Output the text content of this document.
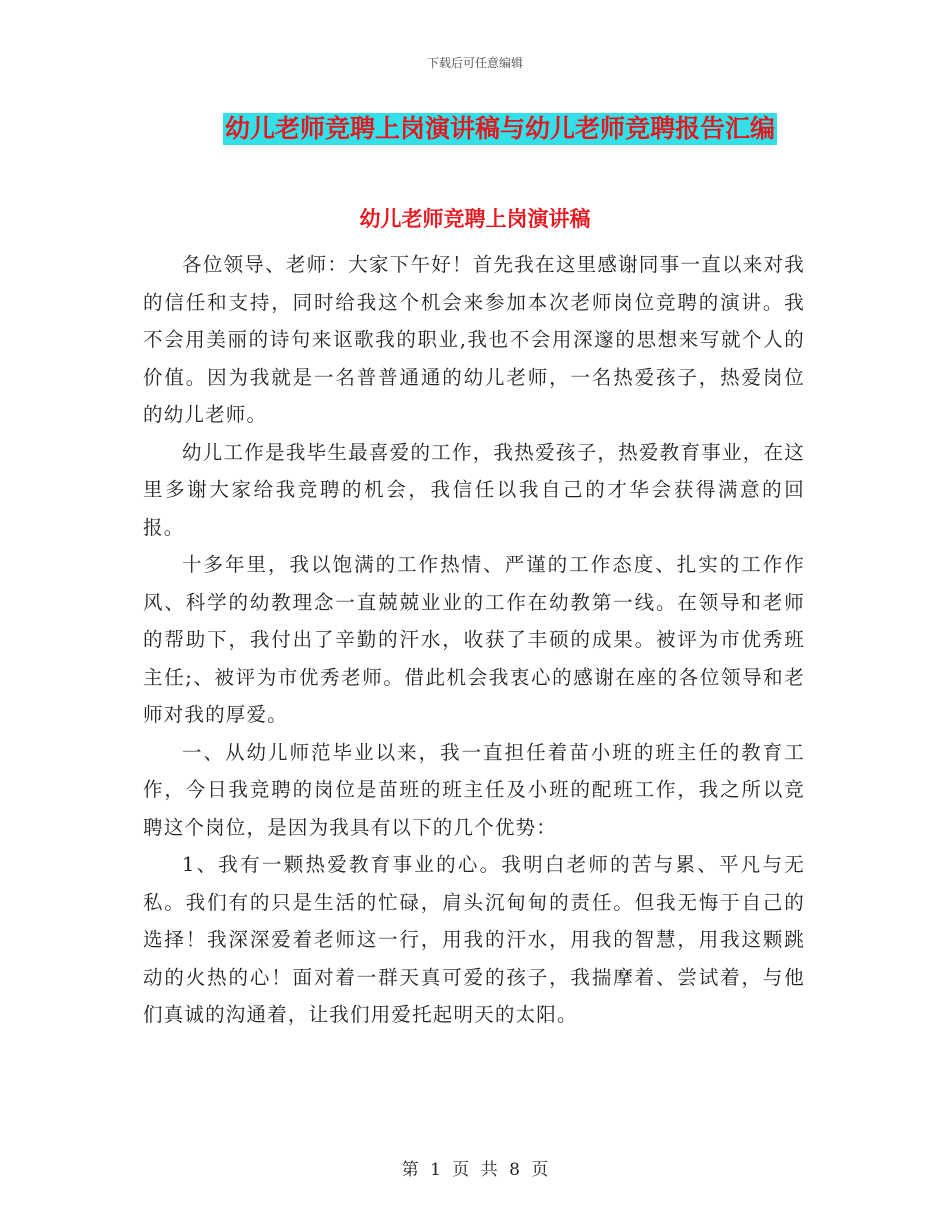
下载后可任意编辑
幼儿老师竞聘上岗演讲稿与幼儿老师竞聘报告汇编
幼儿老师竞聘上岗演讲稿

各位领导、老师：大家下午好！首先我在这里感谢同事一直以来对我的信任和支持，同时给我这个机会来参加本次老师岗位竞聘的演讲。我不会用美丽的诗句来讴歌我的职业,我也不会用深邃的思想来写就个人的价值。因为我就是一名普普通通的幼儿老师，一名热爱孩子，热爱岗位的幼儿老师。

幼儿工作是我毕生最喜爱的工作，我热爱孩子，热爱教育事业，在这里多谢大家给我竞聘的机会，我信任以我自己的才华会获得满意的回报。

十多年里，我以饱满的工作热情、严谨的工作态度、扎实的工作作风、科学的幼教理念一直兢兢业业的工作在幼教第一线。在领导和老师的帮助下，我付出了辛勤的汗水，收获了丰硕的成果。被评为市优秀班主任;、被评为市优秀老师。借此机会我衷心的感谢在座的各位领导和老师对我的厚爱。

一、从幼儿师范毕业以来，我一直担任着苗小班的班主任的教育工作，今日我竞聘的岗位是苗班的班主任及小班的配班工作，我之所以竞聘这个岗位，是因为我具有以下的几个优势：

1、我有一颗热爱教育事业的心。我明白老师的苦与累、平凡与无私。我们有的只是生活的忙碌，肩头沉甸甸的责任。但我无悔于自己的选择！我深深爱着老师这一行，用我的汗水，用我的智慧，用我这颗跳动的火热的心！面对着一群天真可爱的孩子，我揣摩着、尝试着，与他们真诚的沟通着，让我们用爱托起明天的太阳。

第 1 页 共 8 页
